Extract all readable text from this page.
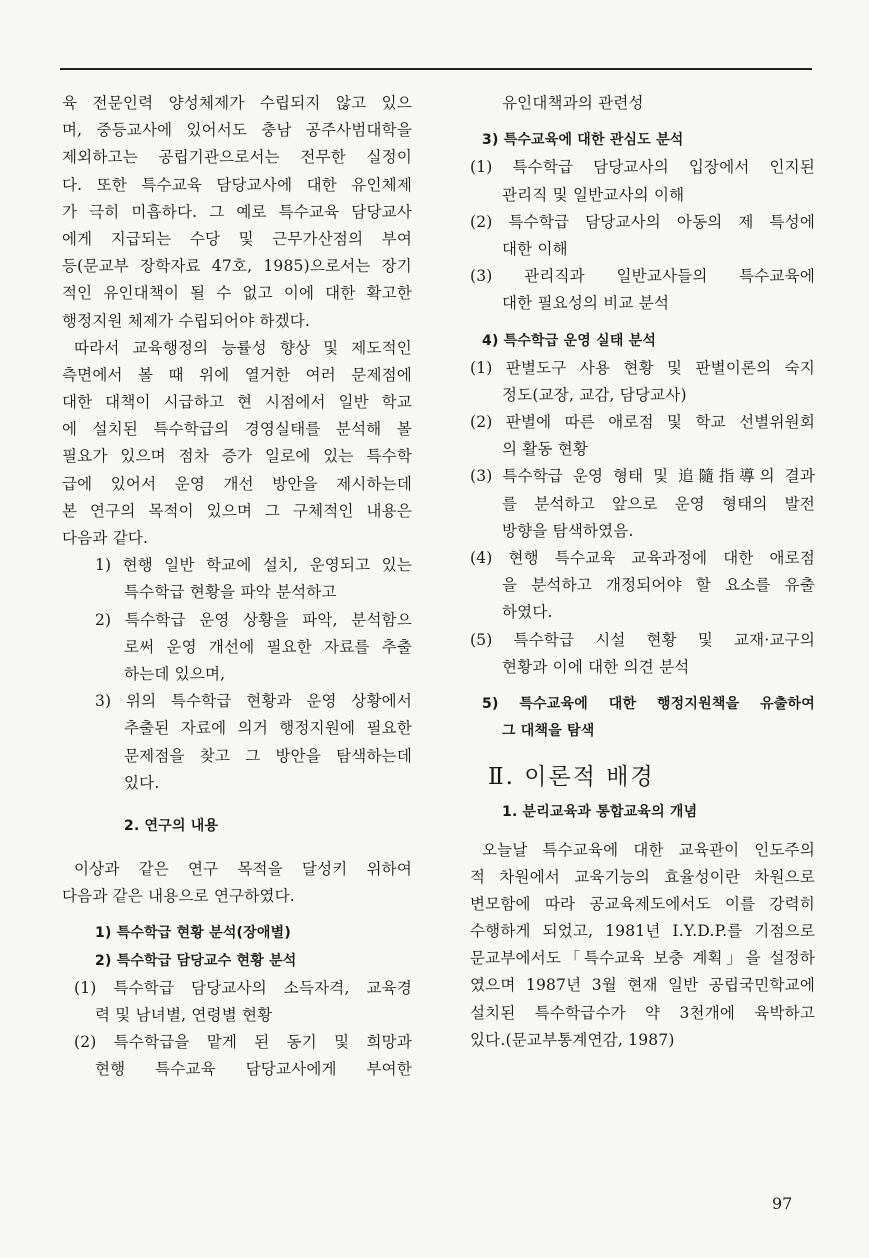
육 전문인력 양성체제가 수립되지 않고 있으
며, 중등교사에 있어서도 충남 공주사범대학을
제외하고는 공립기관으로서는 전무한 실정이
다. 또한 특수교육 담당교사에 대한 유인체제
가 극히 미흡하다. 그 예로 특수교육 담당교사
에게 지급되는 수당 및 근무가산점의 부여
등(문교부 장학자료 47호, 1985)으로서는 장기
적인 유인대책이 될 수 없고 이에 대한 확고한
행정지원 체제가 수립되어야 하겠다.
따라서 교육행정의 능률성 향상 및 제도적인
측면에서 볼 때 위에 열거한 여러 문제점에
대한 대책이 시급하고 현 시점에서 일반 학교
에 설치된 특수학급의 경영실태를 분석해 볼
필요가 있으며 점차 증가 일로에 있는 특수학
급에 있어서 운영 개선 방안을 제시하는데
본 연구의 목적이 있으며 그 구체적인 내용은
다음과 같다.
1) 현행 일반 학교에 설치, 운영되고 있는
특수학급 현황을 파악 분석하고
2) 특수학급 운영 상황을 파악, 분석함으
로써 운영 개선에 필요한 자료를 추출
하는데 있으며,
3) 위의 특수학급 현황과 운영 상황에서
추출된 자료에 의거 행정지원에 필요한
문제점을 찾고 그 방안을 탐색하는데
있다.
2. 연구의 내용
이상과 같은 연구 목적을 달성키 위하여
다음과 같은 내용으로 연구하였다.
1) 특수학급 현황 분석(장애별)
2) 특수학급 담당교수 현황 분석
(1) 특수학급 담당교사의 소득자격, 교육경
력 및 남녀별, 연령별 현황
(2) 특수학급을 맡게 된 동기 및 희망과
현행 특수교육 담당교사에게 부여한
유인대책과의 관련성
3) 특수교육에 대한 관심도 분석
(1) 특수학급 담당교사의 입장에서 인지된
관리직 및 일반교사의 이해
(2) 특수학급 담당교사의 아동의 제 특성에
대한 이해
(3) 관리직과 일반교사들의 특수교육에
대한 필요성의 비교 분석
4) 특수학급 운영 실태 분석
(1) 판별도구 사용 현황 및 판별이론의 숙지
정도(교장, 교감, 담당교사)
(2) 판별에 따른 애로점 및 학교 선별위원회
의 활동 현황
(3) 특수학급 운영 형태 및 追隨指導의 결과
를 분석하고 앞으로 운영 형태의 발전
방향을 탐색하였음.
(4) 현행 특수교육 교육과정에 대한 애로점
을 분석하고 개정되어야 할 요소를 유출
하였다.
(5) 특수학급 시설 현황 및 교재·교구의
현황과 이에 대한 의견 분석
5) 특수교육에 대한 행정지원책을 유출하여
그 대책을 탐색
Ⅱ. 이론적 배경
1. 분리교육과 통합교육의 개념
오늘날 특수교육에 대한 교육관이 인도주의
적 차원에서 교육기능의 효율성이란 차원으로
변모함에 따라 공교육제도에서도 이를 강력히
수행하게 되었고, 1981년 I.Y.D.P.를 기점으로
문교부에서도「특수교육 보충 계획」을 설정하
였으며 1987년 3월 현재 일반 공립국민학교에
설치된 특수학급수가 약 3천개에 육박하고
있다.(문교부통계연감, 1987)
97
